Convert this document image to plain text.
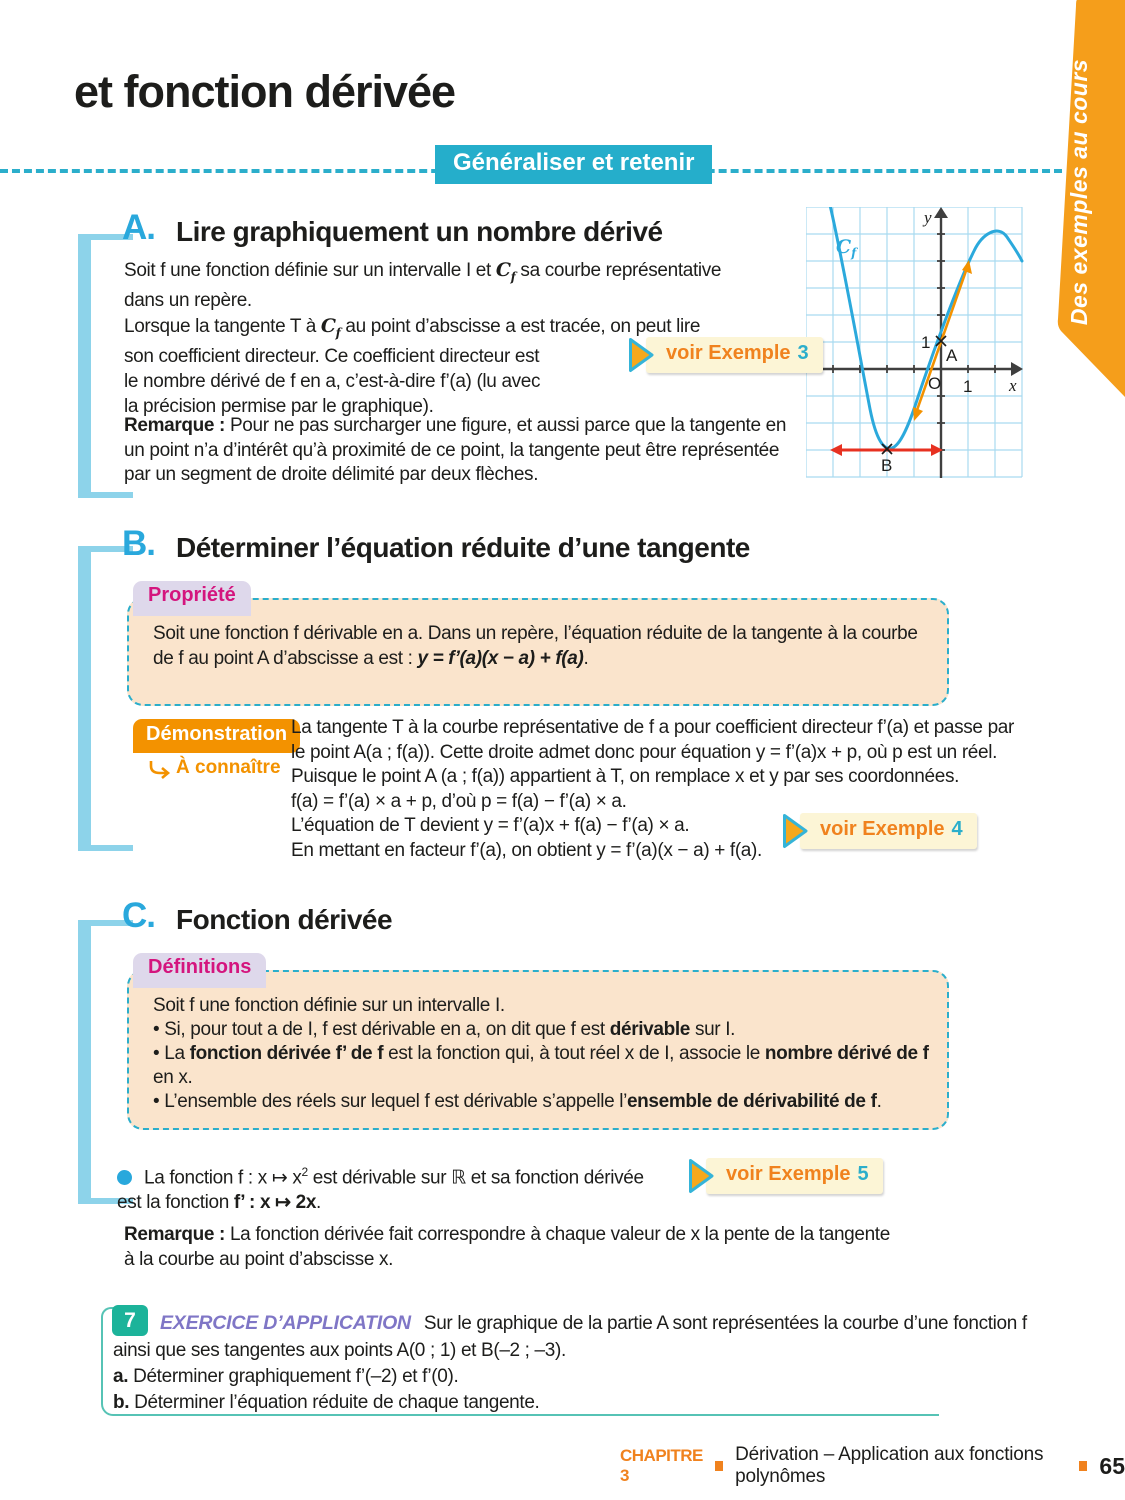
et fonction dérivée
Généraliser et retenir	Des exemples au cours
A. Lire graphiquement un nombre dérivé
Soit f une fonction définie sur un intervalle I et $C_f$ sa courbe représentative
dans un repère.
Lorsque la tangente T à $C_f$ au point d’abscisse a est tracée, on peut lire
son coefficient directeur. Ce coefficient directeur est
le nombre dérivé de f en a, c’est-à-dire f’(a) (lu avec
la précision permise par le graphique).
Remarque : Pour ne pas surcharger une figure, et aussi parce que la tangente en
un point n’a d’intérêt qu’à proximité de ce point, la tangente peut être représentée
par un segment de droite délimité par deux flèches.
voir Exemple 3
y
x
O 1
1
A
B
$C_f$
B. Déterminer l’équation réduite d’une tangente
Propriété
Soit une fonction f dérivable en a. Dans un repère, l’équation réduite de la tangente à la courbe
de f au point A d’abscisse a est : y = f’(a)(x − a) + f(a).
Démonstration
À connaître
La tangente T à la courbe représentative de f a pour coefficient directeur f’(a) et passe par
le point A(a ; f(a)). Cette droite admet donc pour équation y = f’(a)x + p, où p est un réel.
Puisque le point A (a ; f(a)) appartient à T, on remplace x et y par ses coordonnées.
f(a) = f’(a) × a + p, d’où p = f(a) − f’(a) × a.
L’équation de T devient y = f’(a)x + f(a) − f’(a) × a.
En mettant en facteur f’(a), on obtient y = f’(a)(x − a) + f(a).
voir Exemple 4
C. Fonction dérivée
Définitions
Soit f une fonction définie sur un intervalle I.
• Si, pour tout a de I, f est dérivable en a, on dit que f est dérivable sur I.
• La fonction dérivée f’ de f est la fonction qui, à tout réel x de I, associe le nombre dérivé de f
en x.
• L’ensemble des réels sur lequel f est dérivable s’appelle l’ensemble de dérivabilité de f.
La fonction f : x ↦ $x^2$ est dérivable sur ℝ et sa fonction dérivée
est la fonction f’ : x ↦ 2x.
voir Exemple 5
Remarque : La fonction dérivée fait correspondre à chaque valeur de x la pente de la tangente
à la courbe au point d’abscisse x.
7	EXERCICE D’APPLICATION Sur le graphique de la partie A sont représentées la courbe d’une fonction f
ainsi que ses tangentes aux points A(0 ; 1) et B(–2 ; –3).
a. Déterminer graphiquement f’(–2) et f’(0).
b. Déterminer l’équation réduite de chaque tangente.
CHAPITRE 3
Dérivation – Application aux fonctions polynômes	65
